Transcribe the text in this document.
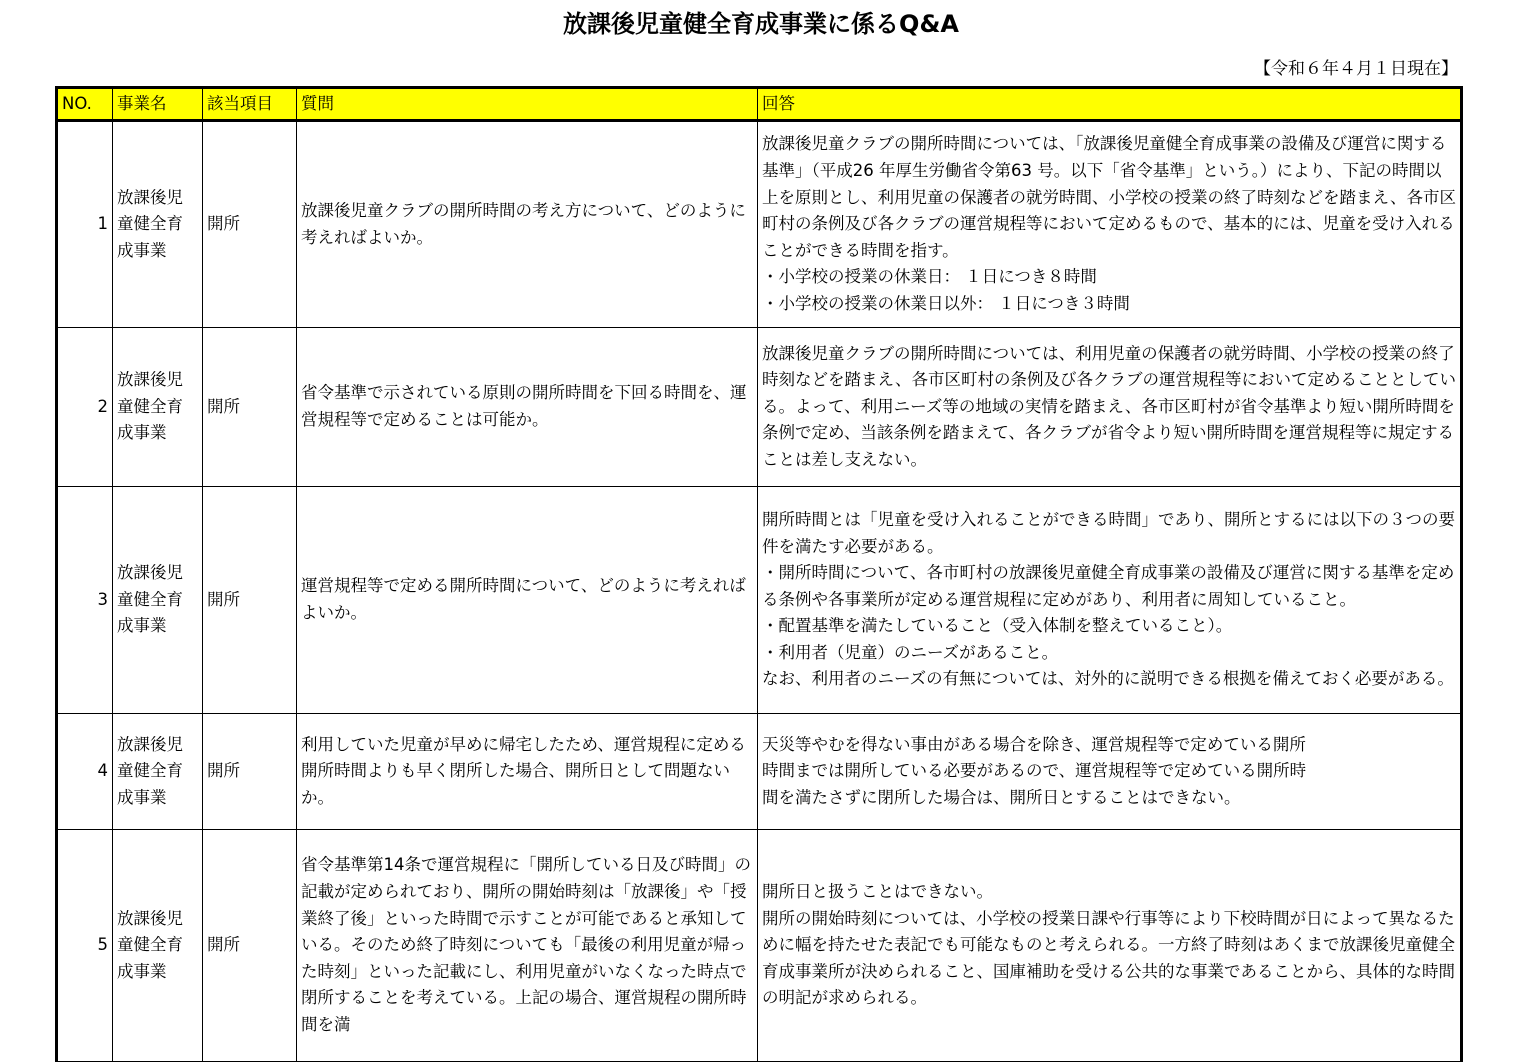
放課後児童健全育成事業に係るQ&A
【令和６年４月１日現在】
NO.	事業名	該当項目	質問	回答
1	放課後児童健全育成事業	開所	放課後児童クラブの開所時間の考え方について、どのように考えればよいか。	放課後児童クラブの開所時間については、「放課後児童健全育成事業の設備及び運営に関する基準」（平成26 年厚生労働省令第63 号。以下「省令基準」という。）により、下記の時間以上を原則とし、利用児童の保護者の就労時間、小学校の授業の終了時刻などを踏まえ、各市区町村の条例及び各クラブの運営規程等において定めるもので、基本的には、児童を受け入れることができる時間を指す。
・小学校の授業の休業日： １日につき８時間
・小学校の授業の休業日以外： １日につき３時間

2	放課後児童健全育成事業	開所	省令基準で示されている原則の開所時間を下回る時間を、運営規程等で定めることは可能か。	放課後児童クラブの開所時間については、利用児童の保護者の就労時間、小学校の授業の終了時刻などを踏まえ、各市区町村の条例及び各クラブの運営規程等において定めることとしている。よって、利用ニーズ等の地域の実情を踏まえ、各市区町村が省令基準より短い開所時間を条例で定め、当該条例を踏まえて、各クラブが省令より短い開所時間を運営規程等に規定することは差し支えない。

3	放課後児童健全育成事業	開所	運営規程等で定める開所時間について、どのように考えればよいか。	開所時間とは「児童を受け入れることができる時間」であり、開所とするには以下の３つの要件を満たす必要がある。
・開所時間について、各市町村の放課後児童健全育成事業の設備及び運営に関する基準を定める条例や各事業所が定める運営規程に定めがあり、利用者に周知していること。
・配置基準を満たしていること（受入体制を整えていること）。
・利用者（児童）のニーズがあること。
なお、利用者のニーズの有無については、対外的に説明できる根拠を備えておく必要がある。

4	放課後児童健全育成事業	開所	利用していた児童が早めに帰宅したため、運営規程に定める開所時間よりも早く閉所した場合、開所日として問題ないか。	天災等やむを得ない事由がある場合を除き、運営規程等で定めている開所
時間までは開所している必要があるので、運営規程等で定めている開所時
間を満たさずに閉所した場合は、開所日とすることはできない。

5	放課後児童健全育成事業	開所	省令基準第14条で運営規程に「開所している日及び時間」の記載が定められており、開所の開始時刻は「放課後」や「授業終了後」といった時間で示すことが可能であると承知している。そのため終了時刻についても「最後の利用児童が帰った時刻」といった記載にし、利用児童がいなくなった時点で閉所することを考えている。上記の場合、運営規程の開所時間を満	開所日と扱うことはできない。
開所の開始時刻については、小学校の授業日課や行事等により下校時間が日によって異なるために幅を持たせた表記でも可能なものと考えられる。一方終了時刻はあくまで放課後児童健全育成事業所が決められること、国庫補助を受ける公共的な事業であることから、具体的な時間の明記が求められる。
